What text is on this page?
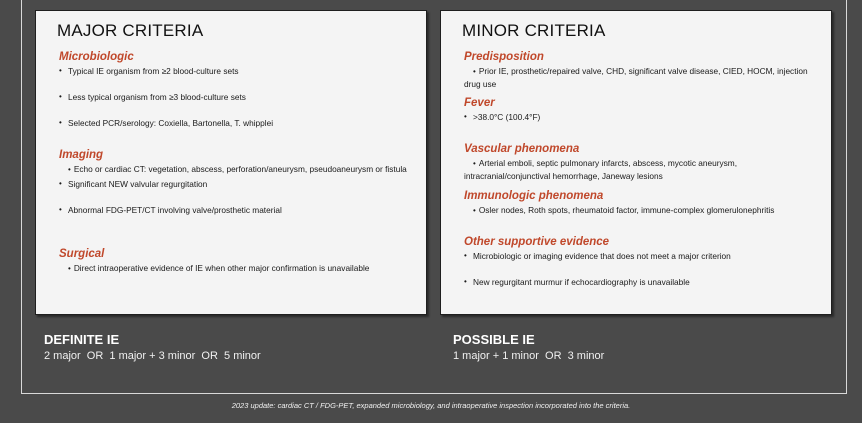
MAJOR CRITERIA
Microbiologic
• Typical IE organism from ≥2 blood-culture sets
• Less typical organism from ≥3 blood-culture sets
• Selected PCR/serology: Coxiella, Bartonella, T. whipplei
Imaging
• Echo or cardiac CT: vegetation, abscess, perforation/aneurysm, pseudoaneurysm or fistula
• Significant NEW valvular regurgitation
• Abnormal FDG-PET/CT involving valve/prosthetic material
Surgical
• Direct intraoperative evidence of IE when other major confirmation is unavailable
MINOR CRITERIA
Predisposition
• Prior IE, prosthetic/repaired valve, CHD, significant valve disease, CIED, HOCM, injection drug use
Fever
• >38.0°C (100.4°F)
Vascular phenomena
• Arterial emboli, septic pulmonary infarcts, abscess, mycotic aneurysm, intracranial/conjunctival hemorrhage, Janeway lesions
Immunologic phenomena
• Osler nodes, Roth spots, rheumatoid factor, immune-complex glomerulonephritis
Other supportive evidence
• Microbiologic or imaging evidence that does not meet a major criterion
• New regurgitant murmur if echocardiography is unavailable
DEFINITE IE
2 major  OR  1 major + 3 minor  OR  5 minor
POSSIBLE IE
1 major + 1 minor  OR  3 minor
2023 update: cardiac CT / FDG-PET, expanded microbiology, and intraoperative inspection incorporated into the criteria.
